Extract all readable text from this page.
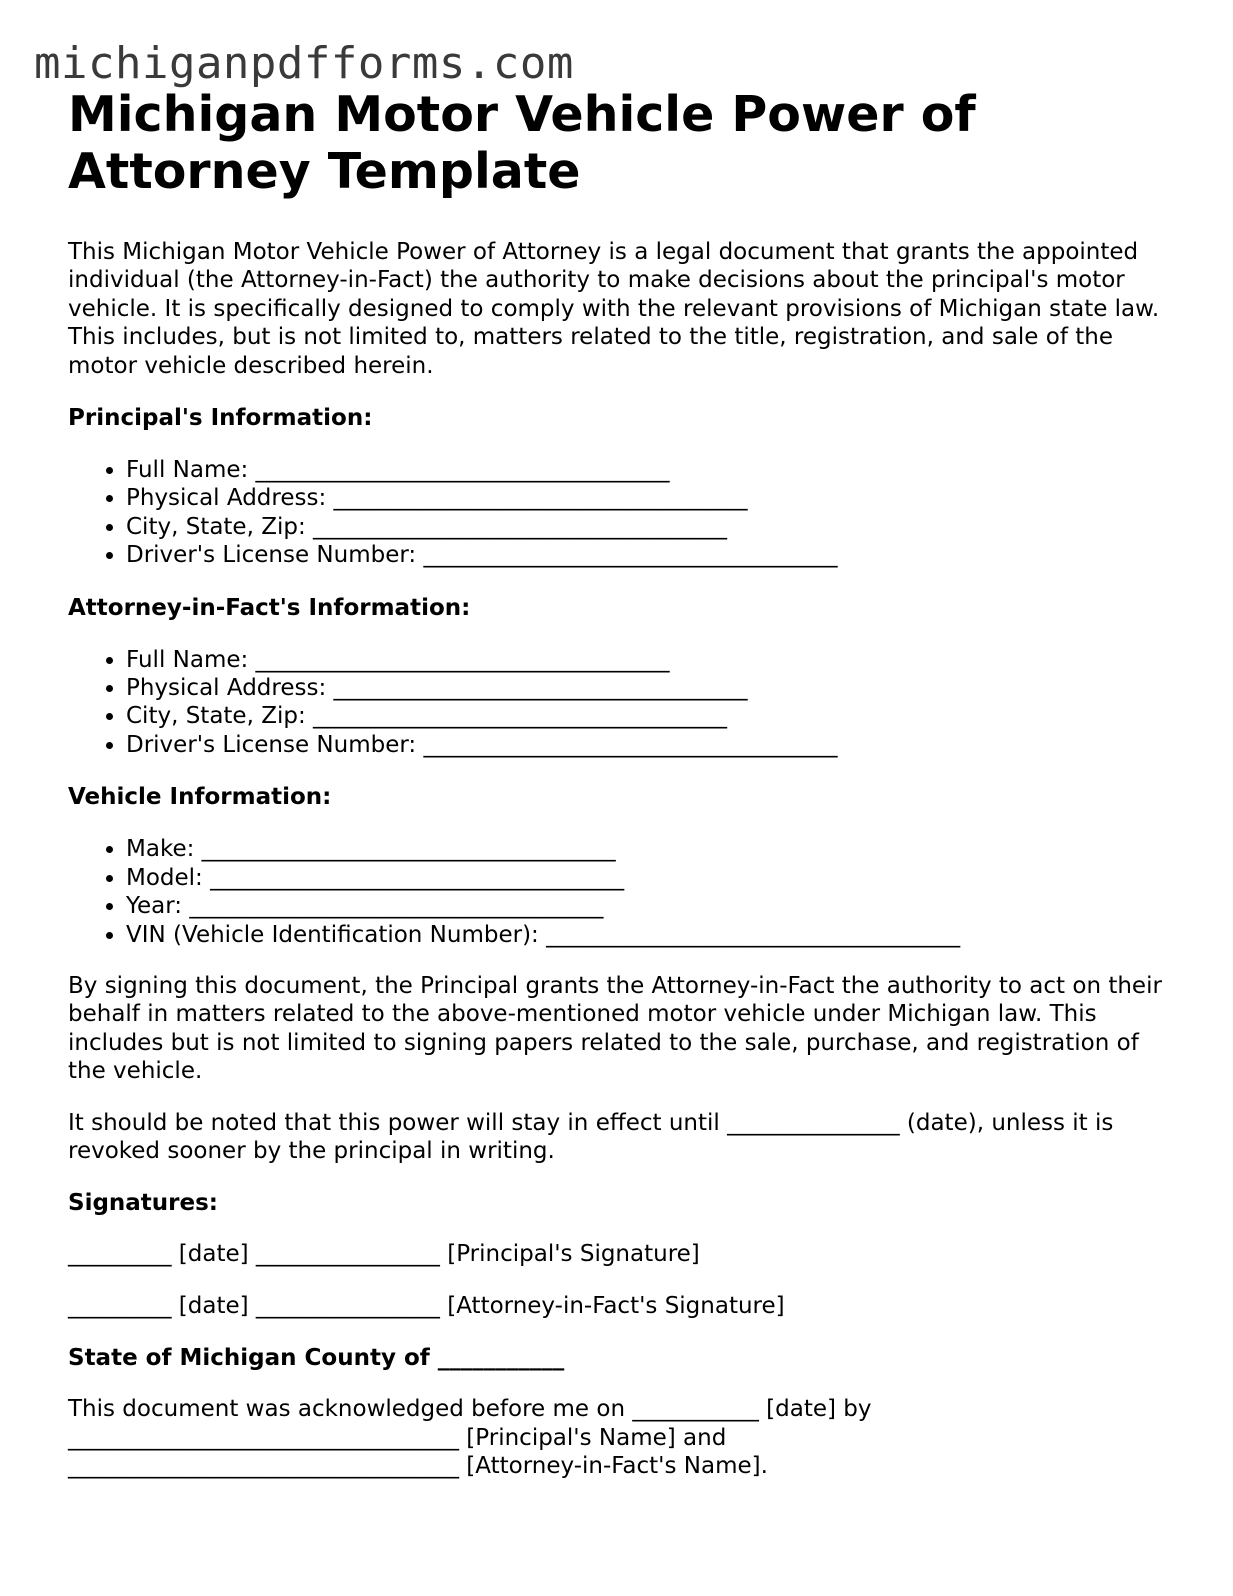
michiganpdfforms.com
Michigan Motor Vehicle Power of Attorney Template

This Michigan Motor Vehicle Power of Attorney is a legal document that grants the appointed individual (the Attorney-in-Fact) the authority to make decisions about the principal's motor vehicle. It is specifically designed to comply with the relevant provisions of Michigan state law. This includes, but is not limited to, matters related to the title, registration, and sale of the motor vehicle described herein.

Principal's Information:
• Full Name: ____________________________________
• Physical Address: ____________________________________
• City, State, Zip: ____________________________________
• Driver's License Number: ____________________________________
Attorney-in-Fact's Information:
• Full Name: ____________________________________
• Physical Address: ____________________________________
• City, State, Zip: ____________________________________
• Driver's License Number: ____________________________________
Vehicle Information:
• Make: ____________________________________
• Model: ____________________________________
• Year: ____________________________________
• VIN (Vehicle Identification Number): ____________________________________

By signing this document, the Principal grants the Attorney-in-Fact the authority to act on their behalf in matters related to the above-mentioned motor vehicle under Michigan law. This includes but is not limited to signing papers related to the sale, purchase, and registration of the vehicle.

It should be noted that this power will stay in effect until _______________ (date), unless it is revoked sooner by the principal in writing.

Signatures:

_________ [date] ________________ [Principal's Signature]

_________ [date] ________________ [Attorney-in-Fact's Signature]

State of Michigan County of ___________

This document was acknowledged before me on ___________ [date] by __________________________________ [Principal's Name] and __________________________________ [Attorney-in-Fact's Name].
